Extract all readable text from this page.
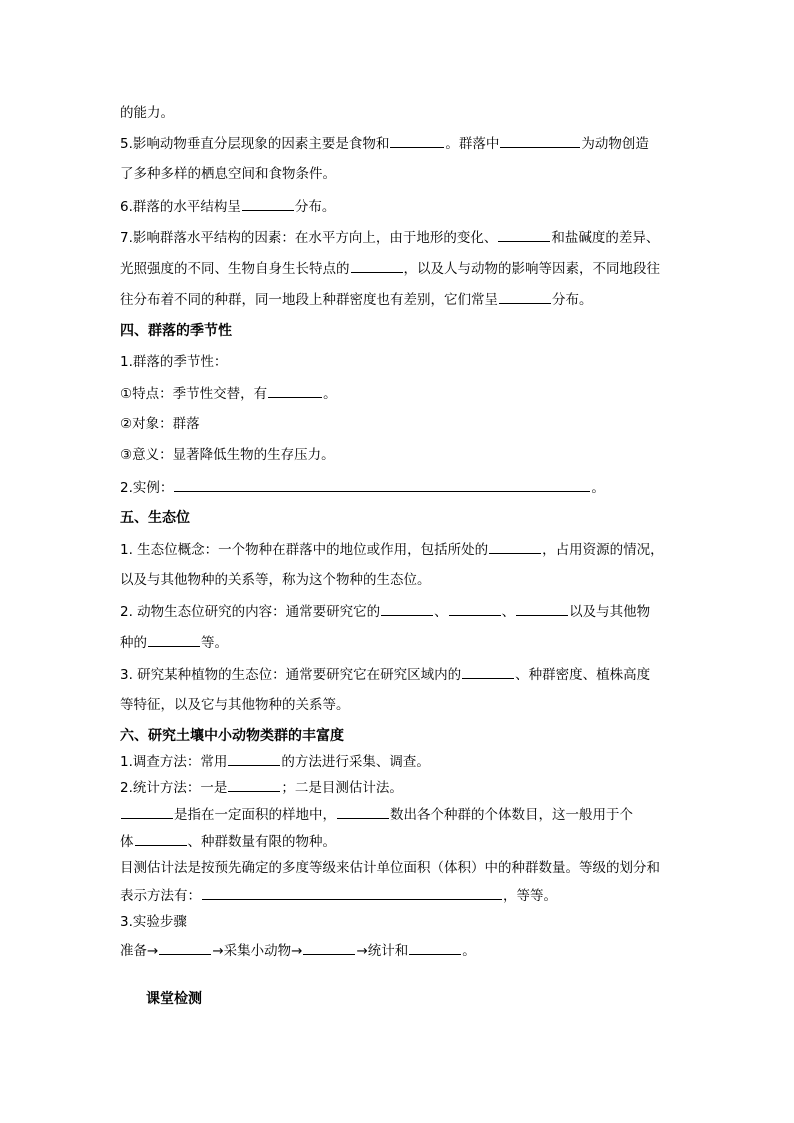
的能力。
5.影响动物垂直分层现象的因素主要是食物和	。群落中	为动物创造
了多种多样的栖息空间和食物条件。
6.群落的水平结构呈	分布。
7.影响群落水平结构的因素：在水平方向上，由于地形的变化、	和盐碱度的差异、
光照强度的不同、生物自身生长特点的	，以及人与动物的影响等因素，不同地段往
往分布着不同的种群，同一地段上种群密度也有差别，它们常呈	分布。
四、群落的季节性
1.群落的季节性：
①特点：季节性交替，有	。
②对象：群落
③意义：显著降低生物的生存压力。
2.实例：	。
五、生态位
1. 生态位概念：一个物种在群落中的地位或作用，包括所处的	，占用资源的情况，
以及与其他物种的关系等，称为这个物种的生态位。
2. 动物生态位研究的内容：通常要研究它的	、	、	以及与其他物
种的	等。
3. 研究某种植物的生态位：通常要研究它在研究区域内的	、种群密度、植株高度
等特征，以及它与其他物种的关系等。
六、研究土壤中小动物类群的丰富度
1.调查方法：常用	的方法进行采集、调查。
2.统计方法：一是	；二是目测估计法。
是指在一定面积的样地中，	数出各个种群的个体数目，这一般用于个
体	、种群数量有限的物种。
目测估计法是按预先确定的多度等级来估计单位面积（体积）中的种群数量。等级的划分和
表示方法有：	，等等。
3.实验步骤
准备→	→采集小动物→	→统计和	。
课堂检测
